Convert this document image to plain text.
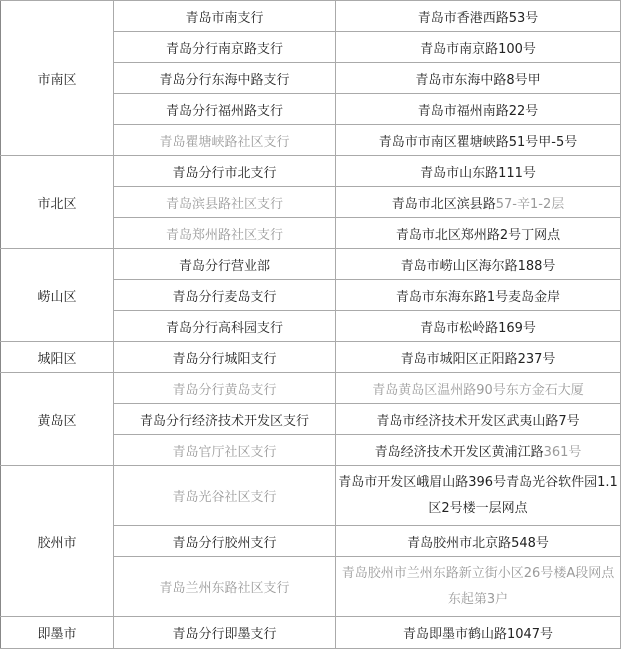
市南区	青岛市南支行	青岛市香港西路53号
	青岛分行南京路支行	青岛市南京路100号
	青岛分行东海中路支行	青岛市东海中路8号甲
	青岛分行福州路支行	青岛市福州南路22号
	青岛瞿塘峡路社区支行	青岛市市南区瞿塘峡路51号甲-5号
市北区	青岛分行市北支行	青岛市山东路111号
	青岛滨县路社区支行	青岛市北区滨县路57-辛1-2层
	青岛郑州路社区支行	青岛市北区郑州路2号丁网点
崂山区	青岛分行营业部	青岛市崂山区海尔路188号
	青岛分行麦岛支行	青岛市东海东路1号麦岛金岸
	青岛分行高科园支行	青岛市松岭路169号
城阳区	青岛分行城阳支行	青岛市城阳区正阳路237号
黄岛区	青岛分行黄岛支行	青岛黄岛区温州路90号东方金石大厦
	青岛分行经济技术开发区支行	青岛市经济技术开发区武夷山路7号
	青岛官厅社区支行	青岛经济技术开发区黄浦江路361号
胶州市	青岛光谷社区支行	青岛市开发区峨眉山路396号青岛光谷软件园1.1区2号楼一层网点
	青岛分行胶州支行	青岛胶州市北京路548号
	青岛兰州东路社区支行	青岛胶州市兰州东路新立街小区26号楼A段网点东起第3户
即墨市	青岛分行即墨支行	青岛即墨市鹤山路1047号
